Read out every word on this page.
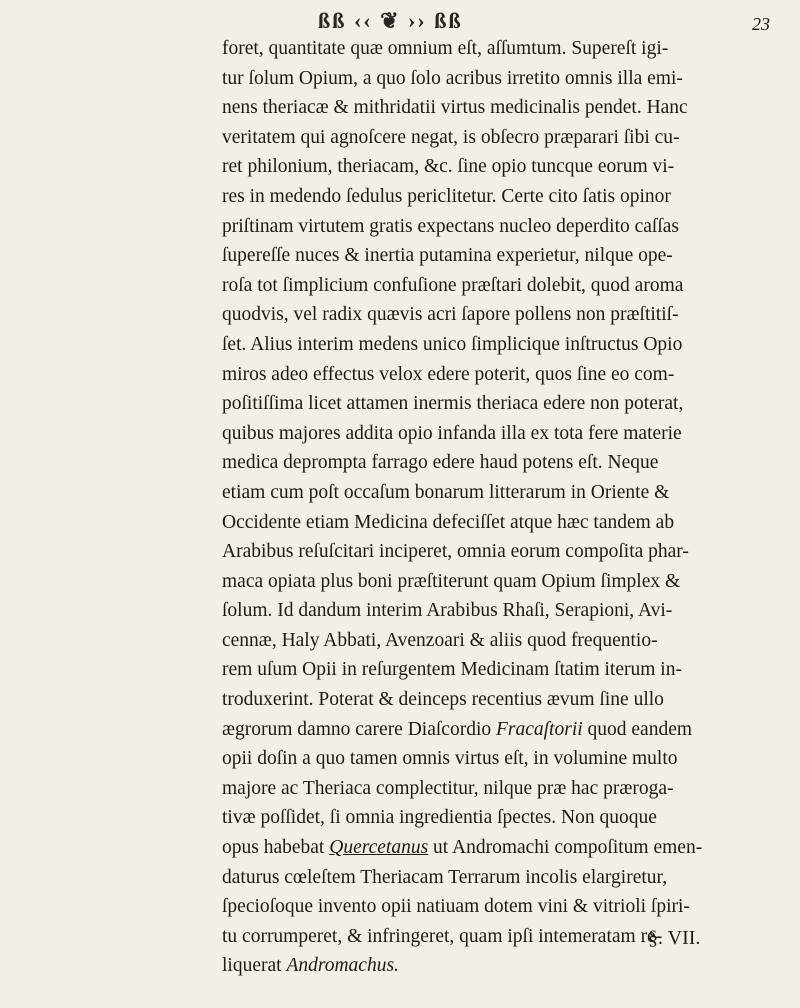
ßß ‹‹ ❦ ›› ßß	23
foret, quantitate quæ omnium eſt, aſſumtum. Supereſt igi-
tur ſolum Opium, a quo ſolo acribus irretito omnis illa emi-
nens theriacæ & mithridatii virtus medicinalis pendet. Hanc
veritatem qui agnoſcere negat, is obſecro præparari ſibi cu-
ret philonium, theriacam, &c. ſine opio tuncque eorum vi-
res in medendo ſedulus periclitetur. Certe cito ſatis opinor
priſtinam virtutem gratis expectans nucleo deperdito caſſas
ſupereſſe nuces & inertia putamina experietur, nilque ope-
roſa tot ſimplicium confuſione præſtari dolebit, quod aroma
quodvis, vel radix quævis acri ſapore pollens non præſtitiſ-
ſet. Alius interim medens unico ſimplicique inſtructus Opio
miros adeo effectus velox edere poterit, quos ſine eo com-
poſitiſſima licet attamen inermis theriaca edere non poterat,
quibus majores addita opio infanda illa ex tota fere materie
medica deprompta farrago edere haud potens eſt. Neque
etiam cum poſt occaſum bonarum litterarum in Oriente &
Occidente etiam Medicina defeciſſet atque hæc tandem ab
Arabibus reſuſcitari inciperet, omnia eorum compoſita phar-
maca opiata plus boni præſtiterunt quam Opium ſimplex &
ſolum. Id dandum interim Arabibus Rhaſi, Serapioni, Avi-
cennæ, Haly Abbati, Avenzoari & aliis quod frequentio-
rem uſum Opii in reſurgentem Medicinam ſtatim iterum in-
troduxerint. Poterat & deinceps recentius ævum ſine ullo
ægrorum damno carere Diaſcordio Fracaſtorii quod eandem
opii doſin a quo tamen omnis virtus eſt, in volumine multo
majore ac Theriaca complectitur, nilque præ hac prærogа-
tivæ poſſidet, ſi omnia ingredientia ſpectes. Non quoque
opus habebat Quercetanus ut Andromachi compoſitum emen-
daturus cœleſtem Theriacam Terrarum incolis elargiretur,
ſpecioſoque invento opii natiuam dotem vini & vitrioli ſpiri-
tu corrumperet, & infringeret, quam ipſi intemeratam re-
liquerat Andromachus.
§. VII.
